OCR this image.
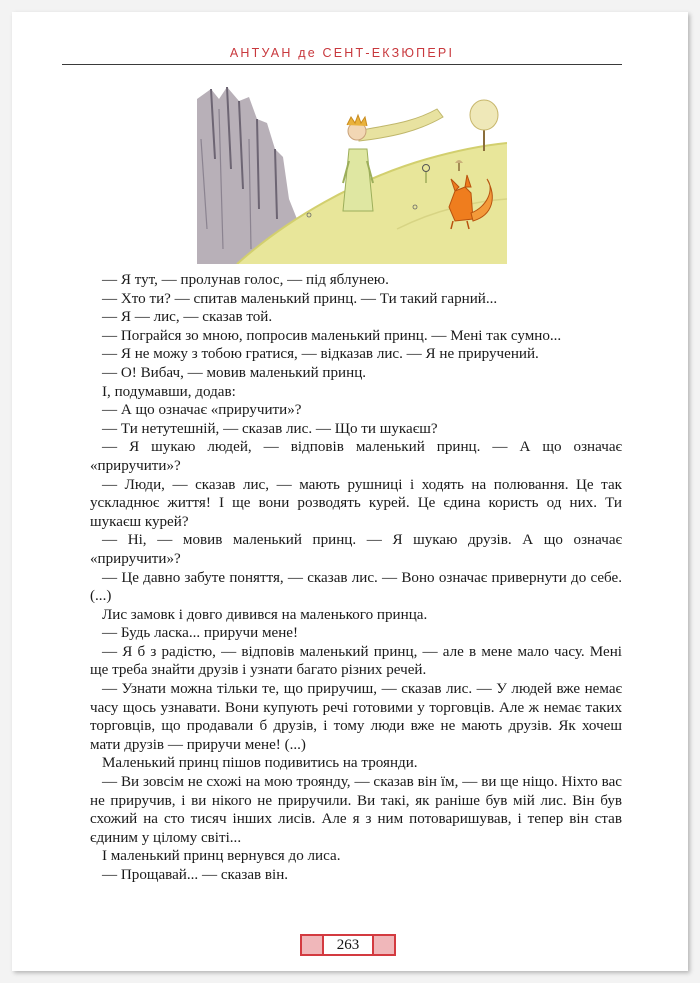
АНТУАН де СЕНТ-ЕКЗЮПЕРІ

— Я тут, — пролунав голос, — під яблунею.

— Хто ти? — спитав маленький принц. — Ти такий гарний...

— Я — лис, — сказав той.

— Пограйся зо мною, попросив маленький принц. — Мені так сумно...

— Я не можу з тобою гратися, — відказав лис. — Я не приручений.

— О! Вибач, — мовив маленький принц.

І, подумавши, додав:

— А що означає «приручити»?

— Ти нетутешній, — сказав лис. — Що ти шукаєш?

— Я шукаю людей, — відповів маленький принц. — А що означає «приручити»?

— Люди, — сказав лис, — мають рушниці і ходять на полювання. Це так ускладнює життя! І ще вони розводять курей. Це єдина користь од них. Ти шукаєш курей?

— Ні, — мовив маленький принц. — Я шукаю друзів. А що означає «приручити»?

— Це давно забуте поняття, — сказав лис. — Воно означає привернути до себе. (...)

Лис замовк і довго дивився на маленького принца.

— Будь ласка... приручи мене!

— Я б з радістю, — відповів маленький принц, — але в мене мало часу. Мені ще треба знайти друзів і узнати багато різних речей.

— Узнати можна тільки те, що приручиш, — сказав лис. — У людей вже немає часу щось узнавати. Вони купують речі готовими у торговців. Але ж немає таких торговців, що продавали б друзів, і тому люди вже не мають друзів. Як хочеш мати друзів — приручи мене! (...)

Маленький принц пішов подивитись на троянди.

— Ви зовсім не схожі на мою троянду, — сказав він їм, — ви ще ніщо. Ніхто вас не приручив, і ви нікого не приручили. Ви такі, як раніше був мій лис. Він був схожий на сто тисяч інших лисів. Але я з ним потоваришував, і тепер він став єдиним у цілому світі...

І маленький принц вернувся до лиса.

— Прощавай... — сказав він.

263
